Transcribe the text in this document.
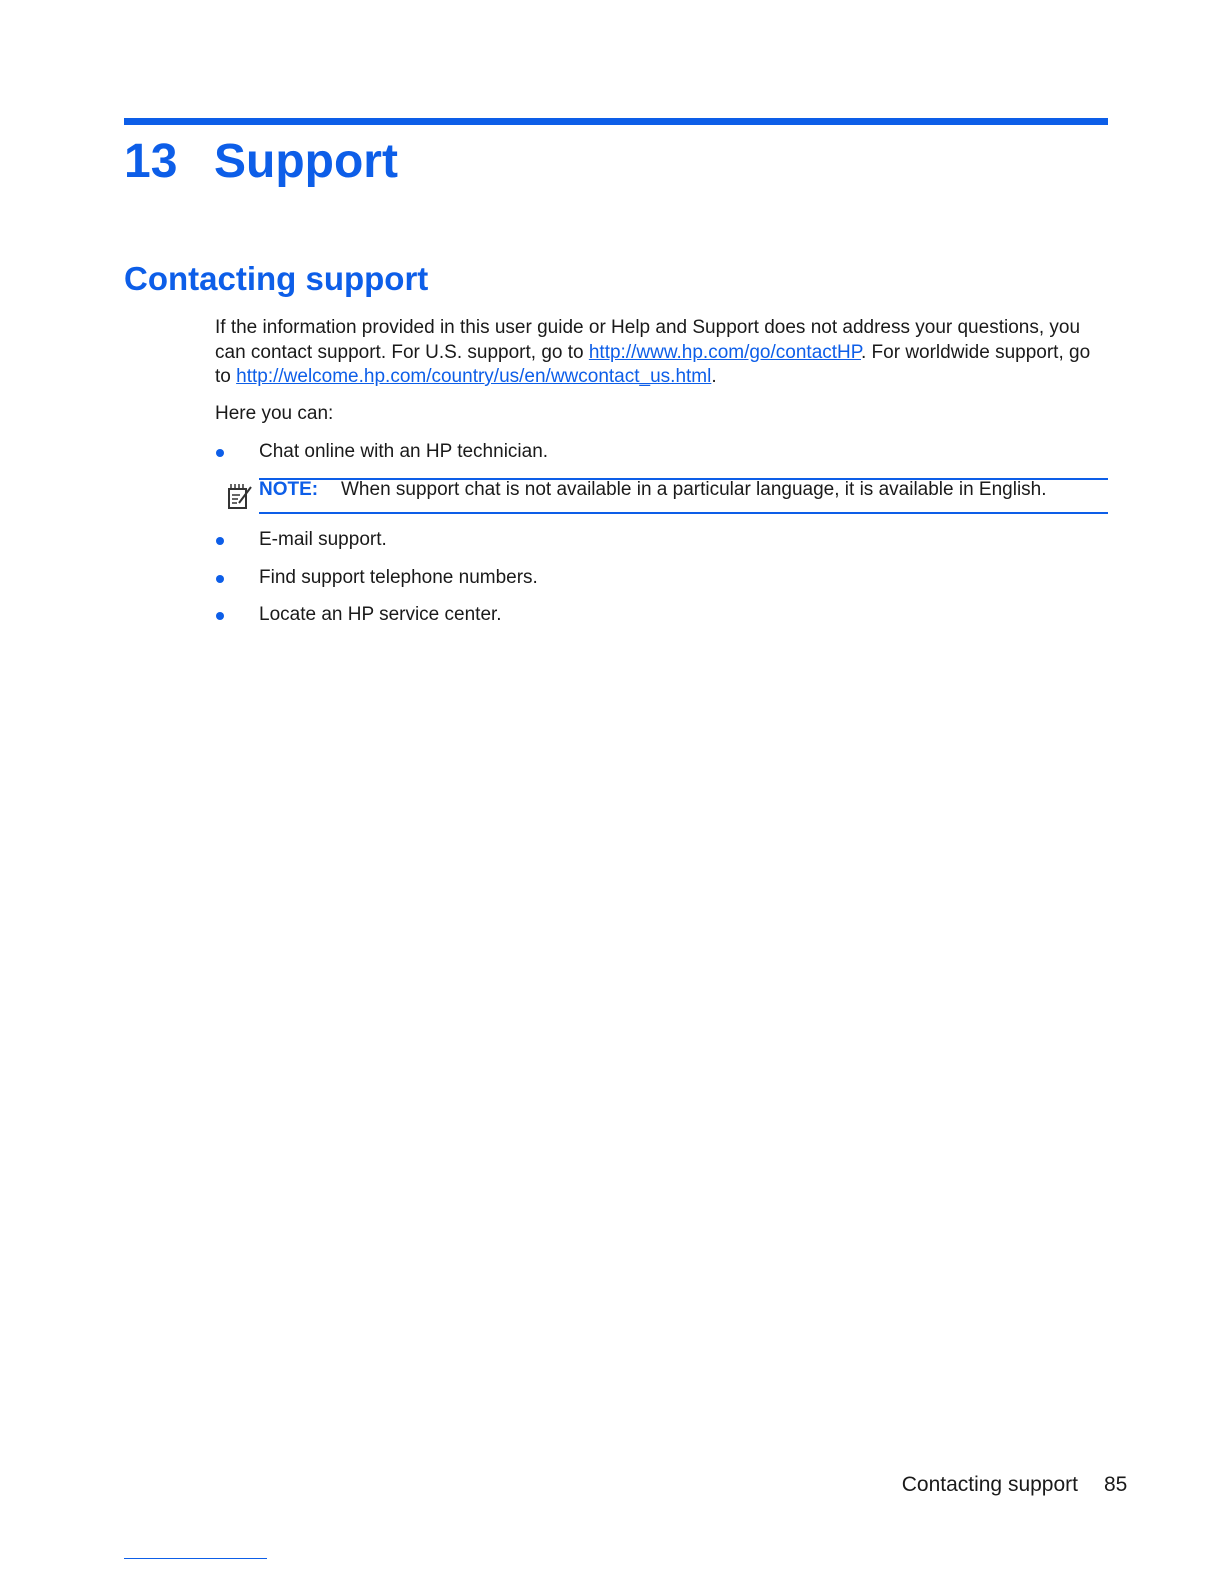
13 Support
Contacting support

If the information provided in this user guide or Help and Support does not address your questions, you can contact support. For U.S. support, go to http://www.hp.com/go/contactHP. For worldwide support, go to http://welcome.hp.com/country/us/en/wwcontact_us.html.

Here you can:

Chat online with an HP technician.
NOTE: When support chat is not available in a particular language, it is available in English.
E-mail support.
Find support telephone numbers.
Locate an HP service center.
Contacting support 85
